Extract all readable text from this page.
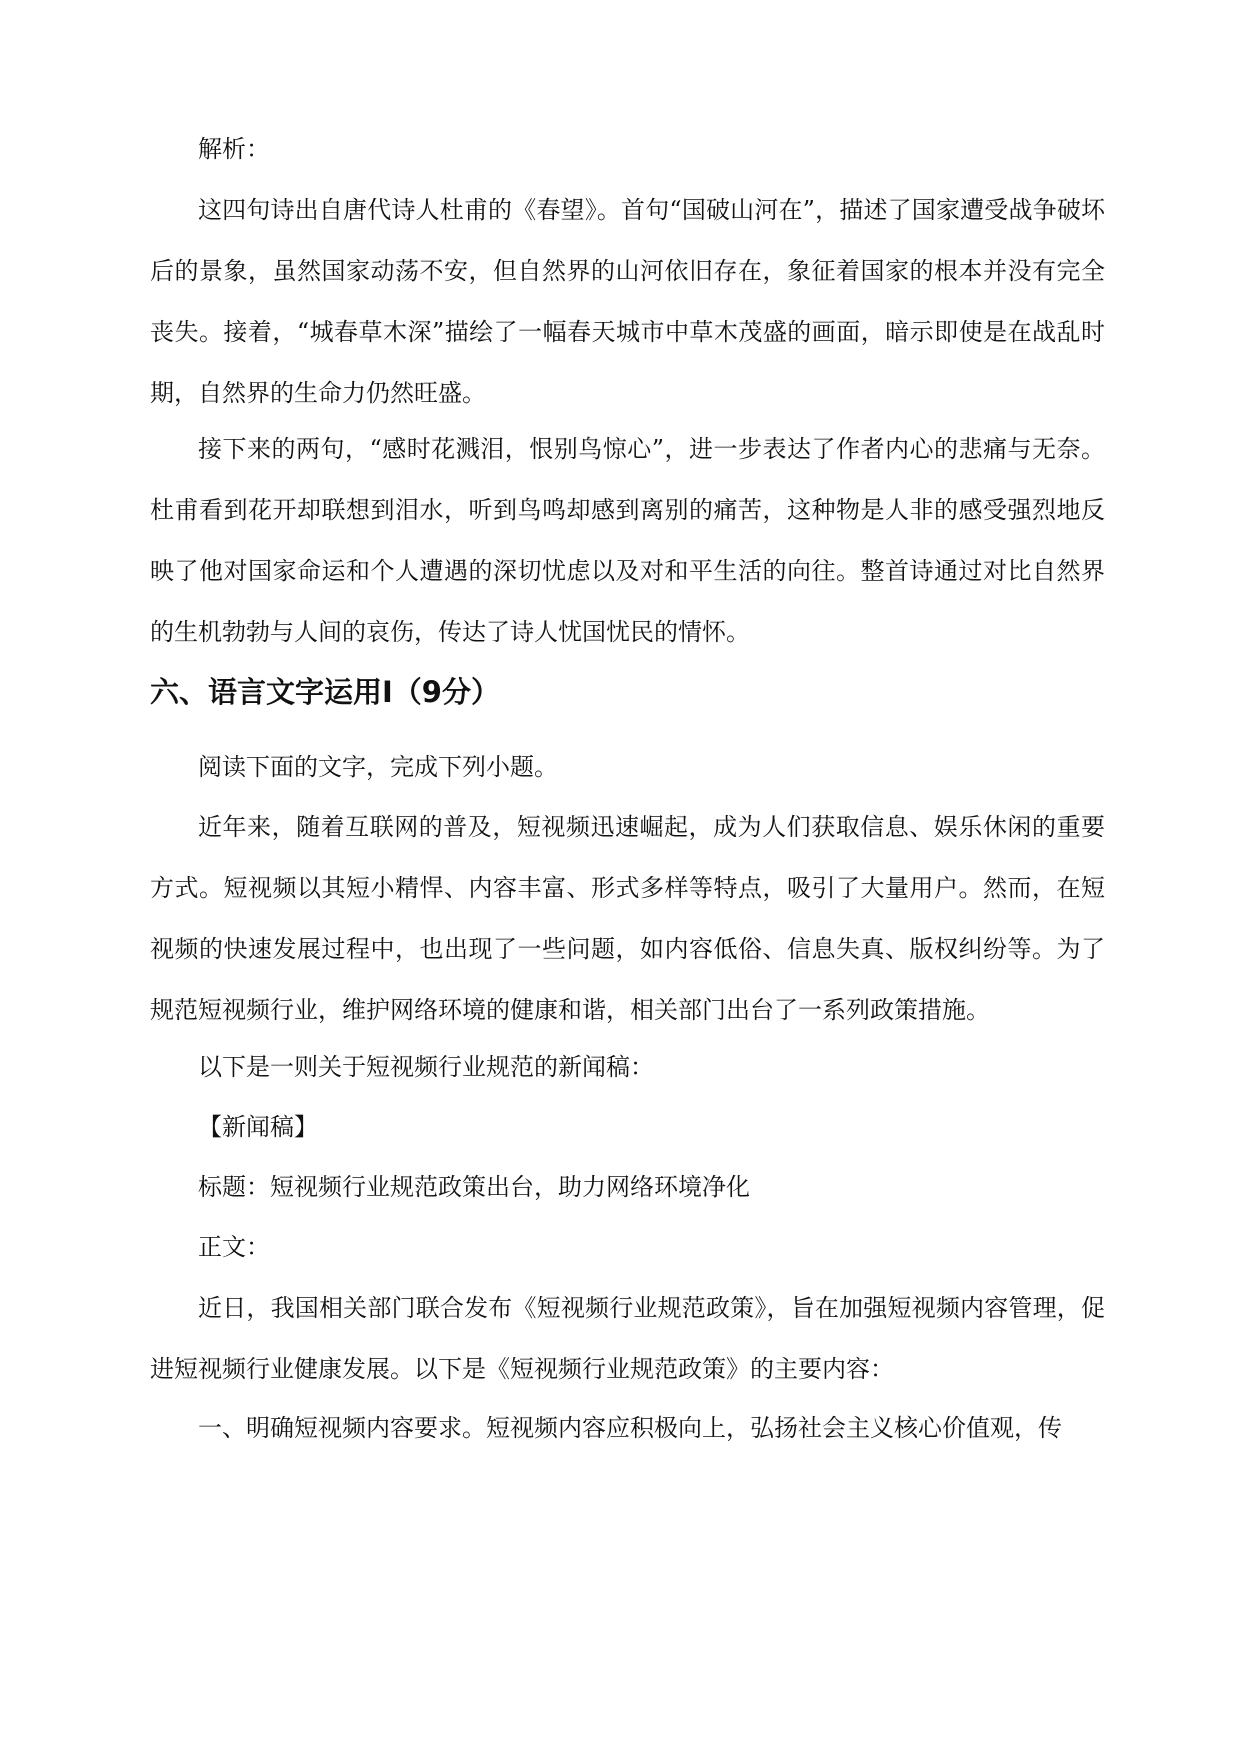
解析：

这四句诗出自唐代诗人杜甫的《春望》。首句“国破山河在”，描述了国家遭受战争破坏后的景象，虽然国家动荡不安，但自然界的山河依旧存在，象征着国家的根本并没有完全丧失。接着，“城春草木深”描绘了一幅春天城市中草木茂盛的画面，暗示即使是在战乱时期，自然界的生命力仍然旺盛。

接下来的两句，“感时花溅泪，恨别鸟惊心”，进一步表达了作者内心的悲痛与无奈。杜甫看到花开却联想到泪水，听到鸟鸣却感到离别的痛苦，这种物是人非的感受强烈地反映了他对国家命运和个人遭遇的深切忧虑以及对和平生活的向往。整首诗通过对比自然界的生机勃勃与人间的哀伤，传达了诗人忧国忧民的情怀。

六、语言文字运用Ⅰ（9分）

阅读下面的文字，完成下列小题。

近年来，随着互联网的普及，短视频迅速崛起，成为人们获取信息、娱乐休闲的重要方式。短视频以其短小精悍、内容丰富、形式多样等特点，吸引了大量用户。然而，在短视频的快速发展过程中，也出现了一些问题，如内容低俗、信息失真、版权纠纷等。为了规范短视频行业，维护网络环境的健康和谐，相关部门出台了一系列政策措施。

以下是一则关于短视频行业规范的新闻稿：

【新闻稿】

标题：短视频行业规范政策出台，助力网络环境净化

正文：

近日，我国相关部门联合发布《短视频行业规范政策》，旨在加强短视频内容管理，促进短视频行业健康发展。以下是《短视频行业规范政策》的主要内容：

一、明确短视频内容要求。短视频内容应积极向上，弘扬社会主义核心价值观，传
